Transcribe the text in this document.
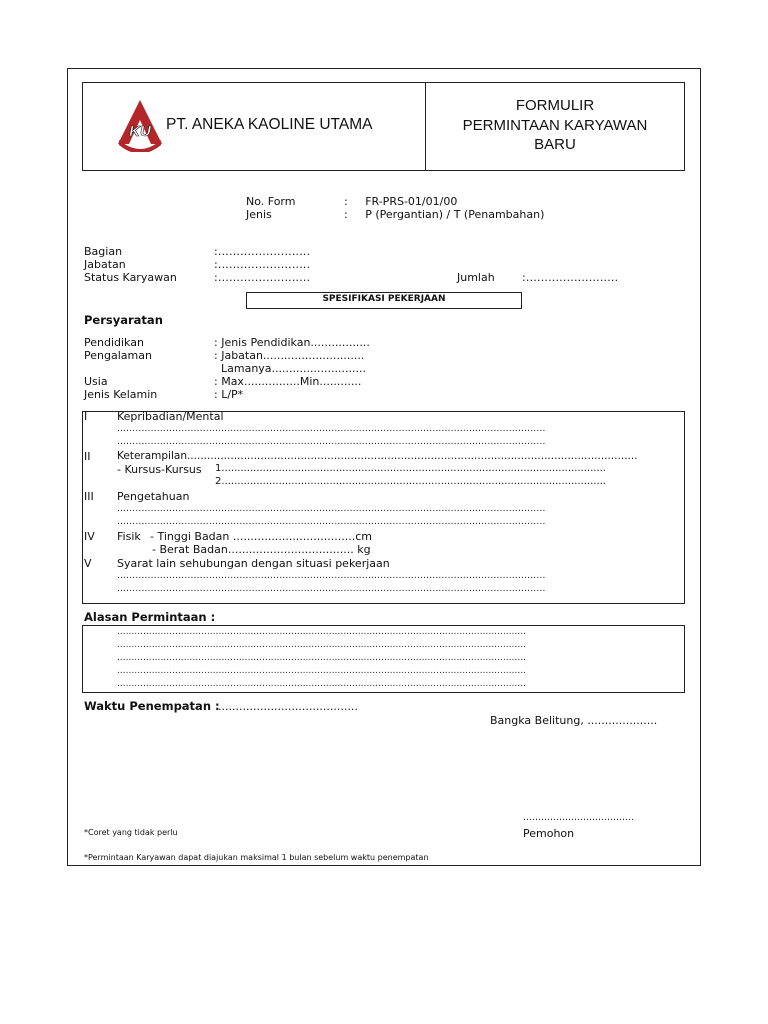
KU PT. ANEKA KAOLINE UTAMA
FORMULIR
PERMINTAAN KARYAWAN
BARU
No. Form	:     FR-PRS-01/01/00
Jenis	:     P (Pergantian) / T (Penambahan)
Bagian	:.........................
Jabatan	:.........................
Status Karyawan	:.........................	Jumlah :.........................
SPESIFIKASI PEKERJAAN
Persyaratan
Pendidikan	: Jenis Pendidikan.................
Pengalaman	: Jabatan.............................
Lamanya...........................
Usia	: Max................Min............
Jenis Kelamin	: L/P*
I	Kepribadian/Mental
............................................................................................................................................
............................................................................................................................................
II	Keterampilan.......................................................................................................................................
- Kursus-Kursus 1.........................................................................................................................
2.........................................................................................................................
III Pengetahuan
............................................................................................................................................
............................................................................................................................................
IV Fisik - Tinggi Badan ...................................cm
- Berat Badan.................................... kg
V Syarat lain sehubungan dengan situasi pekerjaan
............................................................................................................................................
............................................................................................................................................
Alasan Permintaan :
.............................................................................................................................................
.............................................................................................................................................
.............................................................................................................................................
.............................................................................................................................................
.............................................................................................................................................
Waktu Penempatan :
........................................
Bangka Belitung, ....................
……………………………….
Pemohon
*Coret yang tidak perlu
*Permintaan Karyawan dapat diajukan maksimal 1 bulan sebelum waktu penempatan
